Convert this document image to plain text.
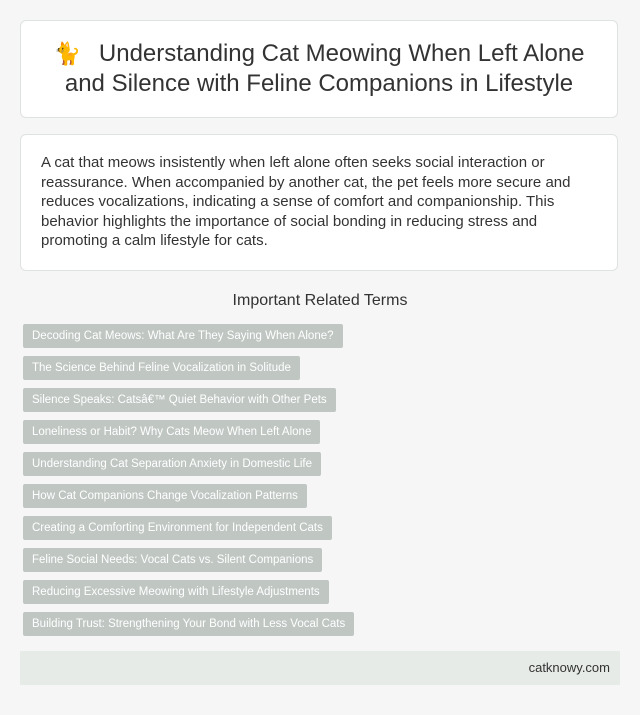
🐈 Understanding Cat Meowing When Left Alone and Silence with Feline Companions in Lifestyle

A cat that meows insistently when left alone often seeks social interaction or reassurance. When accompanied by another cat, the pet feels more secure and reduces vocalizations, indicating a sense of comfort and companionship. This behavior highlights the importance of social bonding in reducing stress and promoting a calm lifestyle for cats.

Important Related Terms
Decoding Cat Meows: What Are They Saying When Alone?
The Science Behind Feline Vocalization in Solitude
Silence Speaks: Catsâ€™ Quiet Behavior with Other Pets
Loneliness or Habit? Why Cats Meow When Left Alone
Understanding Cat Separation Anxiety in Domestic Life
How Cat Companions Change Vocalization Patterns
Creating a Comforting Environment for Independent Cats
Feline Social Needs: Vocal Cats vs. Silent Companions
Reducing Excessive Meowing with Lifestyle Adjustments
Building Trust: Strengthening Your Bond with Less Vocal Cats
catknowy.com
